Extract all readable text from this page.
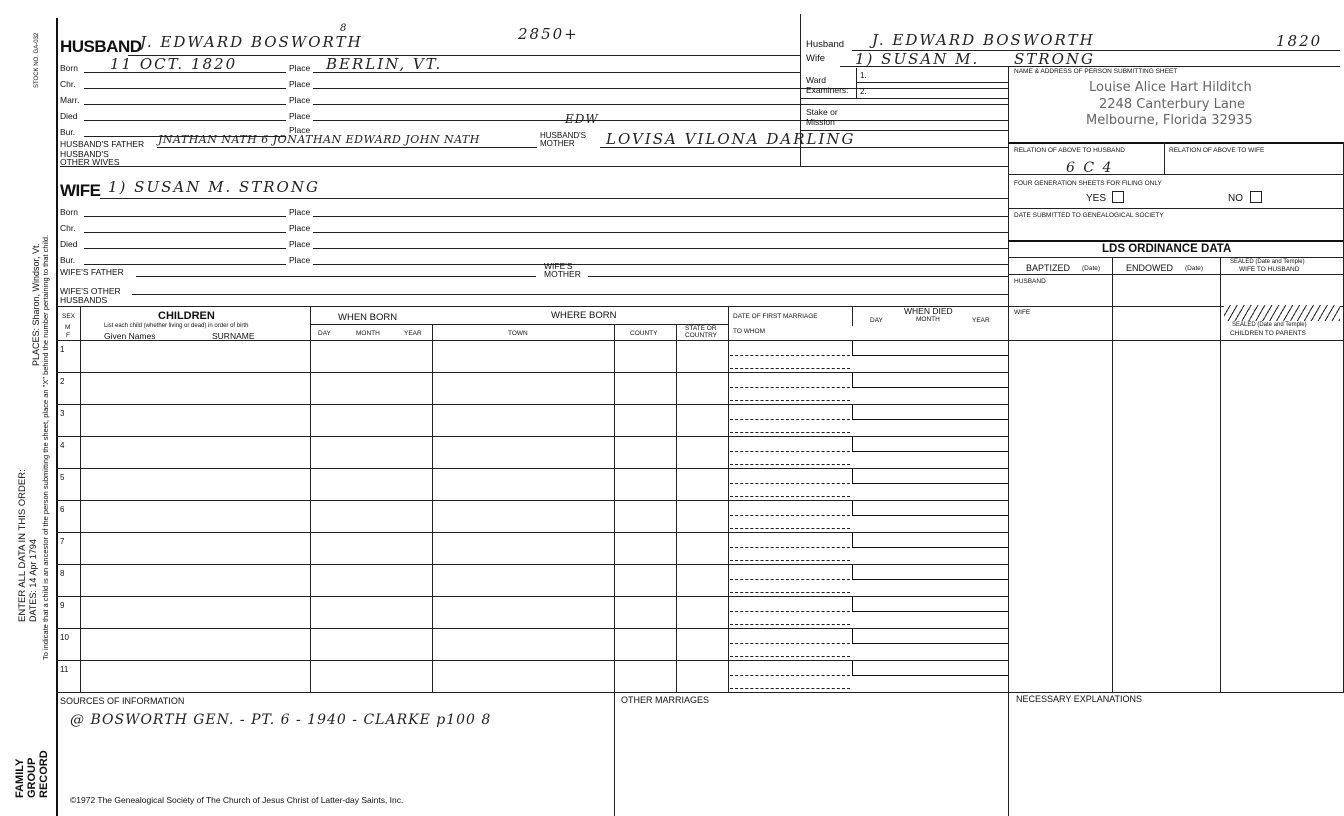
STOCK NO. GA-032
PLACES: Sharon, Windsor, Vt.
ENTER ALL DATA IN THIS ORDER: DATES: 14 Apr 1794 To indicate that a child is an ancestor of the person submitting the sheet, place an "X" behind the number pertaining to that child.
FAMILY GROUP RECORD
HUSBAND
J. EDWARD BOSWORTH
8	2850+
Born 11 OCT. 1820	Place BERLIN, VT.
Chr.	Place
Marr.	Place
Died	Place
Bur.	Place
EDW
HUSBAND'S FATHER JNATHAN NATH 6 JONATHAN EDWARD JOHN NATH	HUSBAND'S
MOTHER LOVISA VILONA DARLING
HUSBAND'S
OTHER WIVES
WIFE 1) SUSAN M. STRONG
Born	Place
Chr.	Place
Died	Place
Bur.	Place
WIFE'S FATHER
WIFE'S
MOTHER
WIFE'S OTHER
HUSBANDS
SEX
M
F
CHILDREN
List each child (whether living or dead) in order of birth
Given Names	SURNAME
WHEN BORN
DAY	MONTH	YEAR
WHERE BORN
TOWN	COUNTY
STATE OR
COUNTRY
DATE OF FIRST MARRIAGE
TO WHOM
WHEN DIED
DAY	MONTH	YEAR
1
2
3
4
5
6
7
8
9
10
11
SOURCES OF INFORMATION
@ BOSWORTH GEN. - PT. 6 - 1940 - CLARKE p100 8
©1972 The Genealogical Society of The Church of Jesus Christ of Latter-day Saints, Inc.
OTHER MARRIAGES	NECESSARY EXPLANATIONS
Husband J. EDWARD BOSWORTH	1820
Wife 1) SUSAN M. STRONG
Ward
Examiners:
1.
2.
Stake or
Mission
NAME & ADDRESS OF PERSON SUBMITTING SHEET
Louise Alice Hart Hilditch
2248 Canterbury Lane
Melbourne, Florida 32935
RELATION OF ABOVE TO HUSBAND	RELATION OF ABOVE TO WIFE
6 C 4
FOUR GENERATION SHEETS FOR FILING ONLY
YES	NO
DATE SUBMITTED TO GENEALOGICAL SOCIETY
LDS ORDINANCE DATA
BAPTIZED (Date)	ENDOWED (Date)
SEALED (Date and Temple)
WIFE TO HUSBAND
HUSBAND
WIFE
SEALED (Date and Temple)
CHILDREN TO PARENTS
